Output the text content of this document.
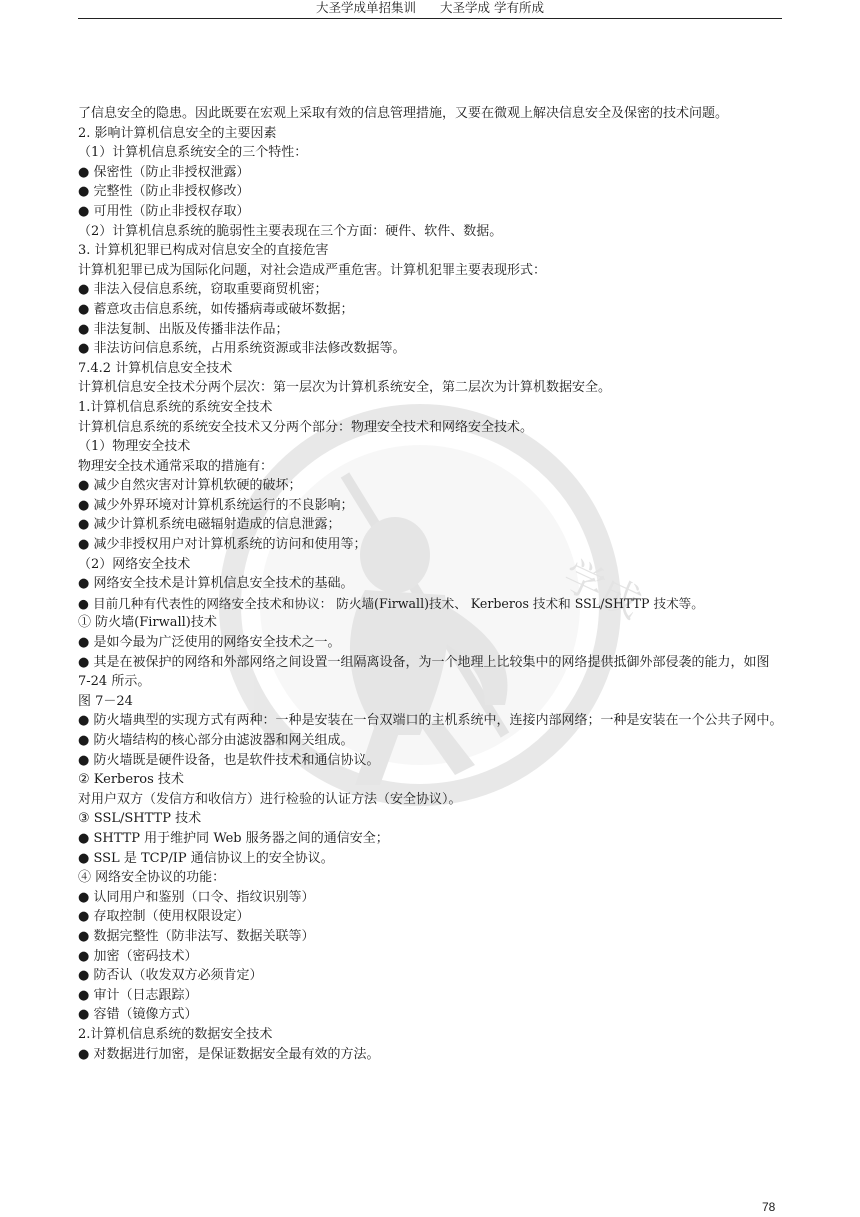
大圣学成单招集训 大圣学成 学有所成
学成
了信息安全的隐患。因此既要在宏观上采取有效的信息管理措施，又要在微观上解决信息安全及保密的技术问题。
2. 影响计算机信息安全的主要因素
（1）计算机信息系统安全的三个特性：
● 保密性（防止非授权泄露）
● 完整性（防止非授权修改）
● 可用性（防止非授权存取）
（2）计算机信息系统的脆弱性主要表现在三个方面：硬件、软件、数据。
3. 计算机犯罪已构成对信息安全的直接危害
计算机犯罪已成为国际化问题，对社会造成严重危害。计算机犯罪主要表现形式：
● 非法入侵信息系统，窃取重要商贸机密；
● 蓄意攻击信息系统，如传播病毒或破坏数据；
● 非法复制、出版及传播非法作品；
● 非法访问信息系统，占用系统资源或非法修改数据等。
7.4.2 计算机信息安全技术
计算机信息安全技术分两个层次：第一层次为计算机系统安全，第二层次为计算机数据安全。
1.计算机信息系统的系统安全技术
计算机信息系统的系统安全技术又分两个部分：物理安全技术和网络安全技术。
（1）物理安全技术
物理安全技术通常采取的措施有：
● 减少自然灾害对计算机软硬的破坏；
● 减少外界环境对计算机系统运行的不良影响；
● 减少计算机系统电磁辐射造成的信息泄露；
● 减少非授权用户对计算机系统的访问和使用等；
（2）网络安全技术
● 网络安全技术是计算机信息安全技术的基础。
● 目前几种有代表性的网络安全技术和协议： 防火墙(Firwall)技术、 Kerberos 技术和 SSL/SHTTP 技术等。
① 防火墙(Firwall)技术
● 是如今最为广泛使用的网络安全技术之一。
● 其是在被保护的网络和外部网络之间设置一组隔离设备，为一个地理上比较集中的网络提供抵御外部侵袭的能力，如图 7-24 所示。
图 7－24
● 防火墙典型的实现方式有两种：一种是安装在一台双端口的主机系统中，连接内部网络；一种是安装在一个公共子网中。
● 防火墙结构的核心部分由滤波器和网关组成。
● 防火墙既是硬件设备，也是软件技术和通信协议。
② Kerberos 技术
对用户双方（发信方和收信方）进行检验的认证方法（安全协议）。
③ SSL/SHTTP 技术
● SHTTP 用于维护同 Web 服务器之间的通信安全；
● SSL 是 TCP/IP 通信协议上的安全协议。
④ 网络安全协议的功能：
● 认同用户和鉴别（口令、指纹识别等）
● 存取控制（使用权限设定）
● 数据完整性（防非法写、数据关联等）
● 加密（密码技术）
● 防否认（收发双方必须肯定）
● 审计（日志跟踪）
● 容错（镜像方式）
2.计算机信息系统的数据安全技术
● 对数据进行加密，是保证数据安全最有效的方法。
78
